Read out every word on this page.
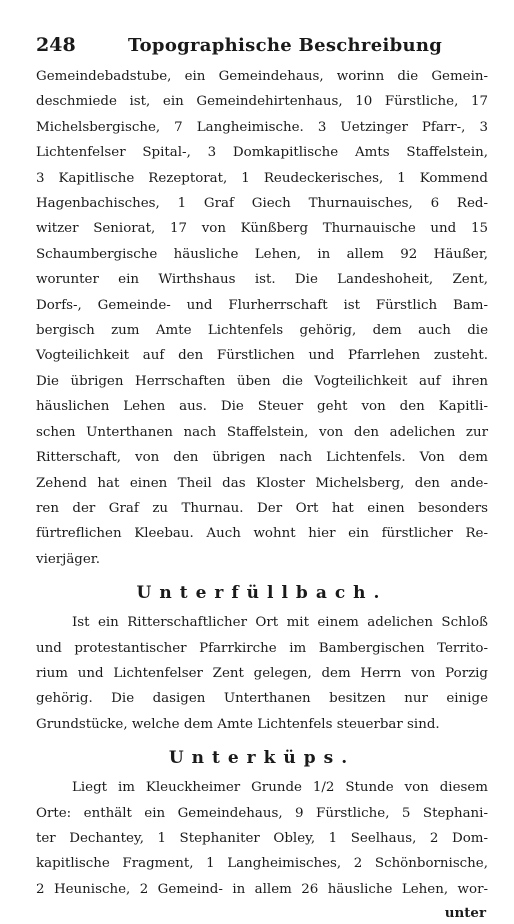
248	Topographische Beschreibung

Gemeindebadstube, ein Gemeindehaus, worinn die Gemein-
deschmiede ist, ein Gemeindehirtenhaus, 10 Fürstliche, 17
Michelsbergische, 7 Langheimische. 3 Uetzinger Pfarr-, 3
Lichtenfelser Spital-, 3 Domkapitlische Amts Staffelstein,
3 Kapitlische Rezeptorat, 1 Reudeckerisches, 1 Kommend
Hagenbachisches, 1 Graf Giech Thurnauisches, 6 Red-
witzer Seniorat, 17 von Künßberg Thurnauische und 15
Schaumbergische häusliche Lehen, in allem 92 Häußer,
worunter ein Wirthshaus ist. Die Landeshoheit, Zent,
Dorfs-, Gemeinde- und Flurherrschaft ist Fürstlich Bam-
bergisch zum Amte Lichtenfels gehörig, dem auch die
Vogteilichkeit auf den Fürstlichen und Pfarrlehen zusteht.
Die übrigen Herrschaften üben die Vogteilichkeit auf ihren
häuslichen Lehen aus. Die Steuer geht von den Kapitli-
schen Unterthanen nach Staffelstein, von den adelichen zur
Ritterschaft, von den übrigen nach Lichtenfels. Von dem
Zehend hat einen Theil das Kloster Michelsberg, den ande-
ren der Graf zu Thurnau. Der Ort hat einen besonders
fürtreflichen Kleebau. Auch wohnt hier ein fürstlicher Re-
vierjäger.

Unterfüllbach.

Ist ein Ritterschaftlicher Ort mit einem adelichen Schloß
und protestantischer Pfarrkirche im Bambergischen Territo-
rium und Lichtenfelser Zent gelegen, dem Herrn von Porzig
gehörig. Die dasigen Unterthanen besitzen nur einige
Grundstücke, welche dem Amte Lichtenfels steuerbar sind.

Unterküps.

Liegt im Kleuckheimer Grunde 1/2 Stunde von diesem
Orte: enthält ein Gemeindehaus, 9 Fürstliche, 5 Stephani-
ter Dechantey, 1 Stephaniter Obley, 1 Seelhaus, 2 Dom-
kapitlische Fragment, 1 Langheimisches, 2 Schönbornische,
2 Heunische, 2 Gemeind- in allem 26 häusliche Lehen, wor-

unter
